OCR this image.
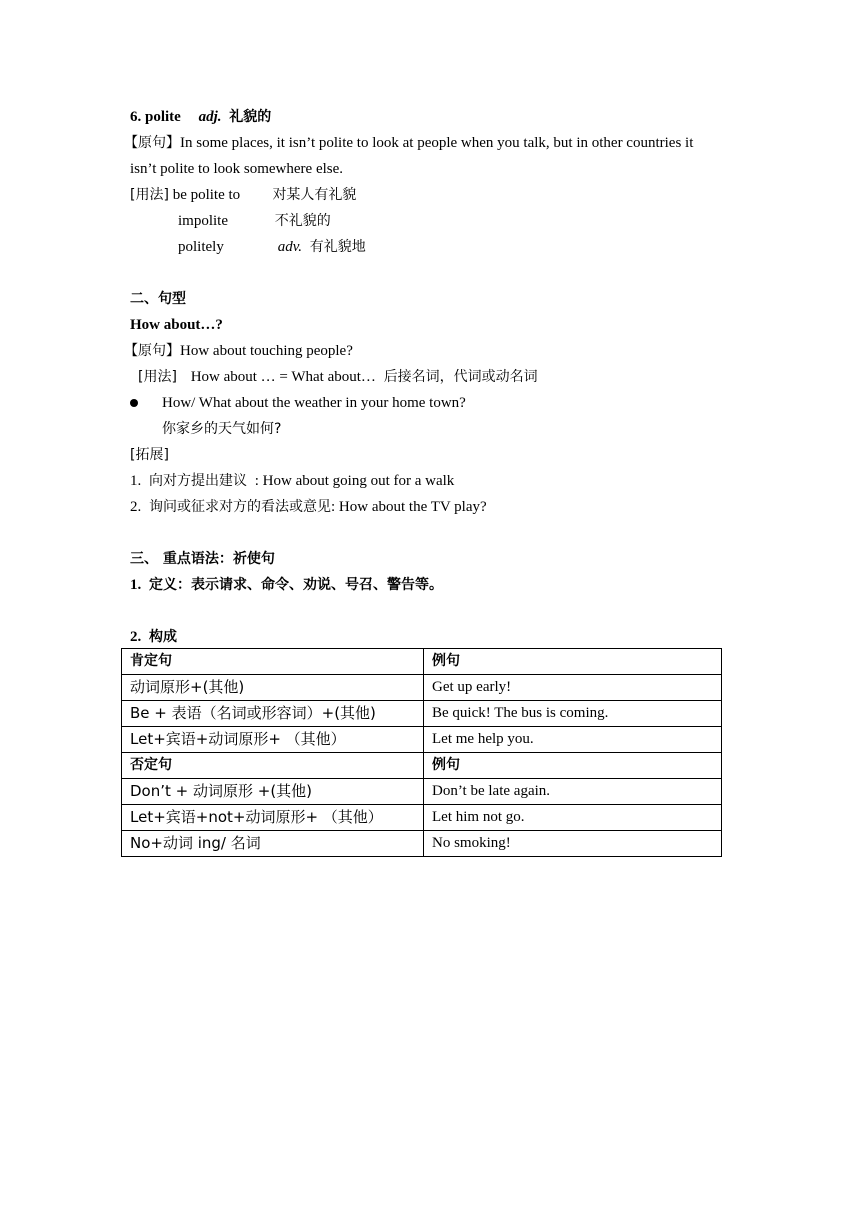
6. polite adj. 礼貌的
【原句】In some places, it isn’t polite to look at people when you talk, but in other countries it
isn’t polite to look somewhere else.
[用法] be polite to 对某人有礼貌
impolite	不礼貌的
politely	adv. 有礼貌地
二、句型
How about…?
【原句】How about touching people?
[用法] How about … = What about… 后接名词，代词或动名词
How/ What about the weather in your home town?
你家乡的天气如何?
[拓展]
1. 向对方提出建议 : How about going out for a walk
2. 询问或征求对方的看法或意见: How about the TV play?
三、 重点语法：祈使句
1. 定义：表示请求、命令、劝说、号召、警告等。
2. 构成
肯定句	例句
动词原形+(其他)	Get up early!
Be + 表语（名词或形容词）+(其他)	Be quick! The bus is coming.
Let+宾语+动词原形+ （其他）	Let me help you.
否定句	例句
Don’t + 动词原形 +(其他)	Don’t be late again.
Let+宾语+not+动词原形+ （其他）	Let him not go.
No+动词 ing/ 名词	No smoking!
